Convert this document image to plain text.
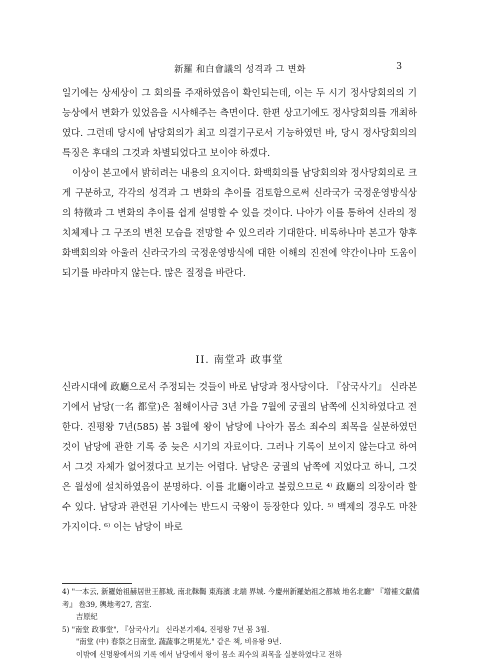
新羅 和白會議의 성격과 그 변화	3

일기에는 상세상이 그 회의를 주재하였음이 확인되는데, 이는 두 시기 정사당회의의 기능상에서 변화가 있었음을 시사해주는 측면이다. 한편 상고기에도 정사당회의를 개최하였다. 그런데 당시에 남당회의가 최고 의결기구로서 기능하였던 바, 당시 정사당회의의 특징은 후대의 그것과 차별되었다고 보이야 하겠다.

이상이 본고에서 밝히려는 내용의 요지이다. 화백회의를 남당회의와 정사당회의로 크게 구분하고, 각각의 성격과 그 변화의 추이를 검토함으로써 신라국가 국정운영방식상의 特徵과 그 변화의 추이를 쉽게 설명할 수 있을 것이다. 나아가 이를 통하여 신라의 정치체제나 그 구조의 변천 모습을 전망할 수 있으리라 기대한다. 비록하나마 본고가 향후 화백회의와 아울러 신라국가의 국정운영방식에 대한 이해의 진전에 약간이나마 도움이 되기를 바라마지 않는다. 많은 질정을 바란다.

II. 南堂과 政事堂

신라시대에 政廳으로서 주정되는 것들이 바로 남당과 정사당이다. 『삼국사기』 신라본기에서 남당(一名 都堂)은 첨해이사금 3년 가을 7월에 궁궐의 남쪽에 신치하였다고 전한다. 진평왕 7년(585) 봄 3월에 왕이 남당에 나아가 몸소 죄수의 죄목을 실분하였던 것이 남당에 관한 기록 중 늦은 시기의 자료이다. 그러나 기록이 보이지 않는다고 하여서 그것 자체가 없어졌다고 보기는 어렵다. 남당은 궁궐의 남쪽에 지었다고 하니, 그것은 월성에 설치하였음이 분명하다. 이를 北廳이라고 불렀으므로 ⁴⁾ 政廳의 의장이라 할 수 있다. 남당과 관련된 기사에는 반드시 국왕이 등장한다 있다. ⁵⁾ 백제의 경우도 마찬가지이다. ⁶⁾ 이는 남당이 바로

4) "一本云, 新羅始祖赫居世王都城, 南北靺鞨 東海濱 北端 界城. 今慶州新羅始祖之都城 地名北廳" 『增補文獻備考』 卷39, 輿地考27, 宮室.

吉原紀

5) "南堂 政事堂", 『삼국사기』 신라본기제4, 진평왕 7년 봄 3월.

"南堂 (中) 春祭之日南堂, 蔬蔬事之明晃光," 같은 책, 비유왕 9년.

이밖에 신명왕에서의 기록 에서 남당에서 왕이 몸소 죄수의 죄목을 실분하였다고 전하
